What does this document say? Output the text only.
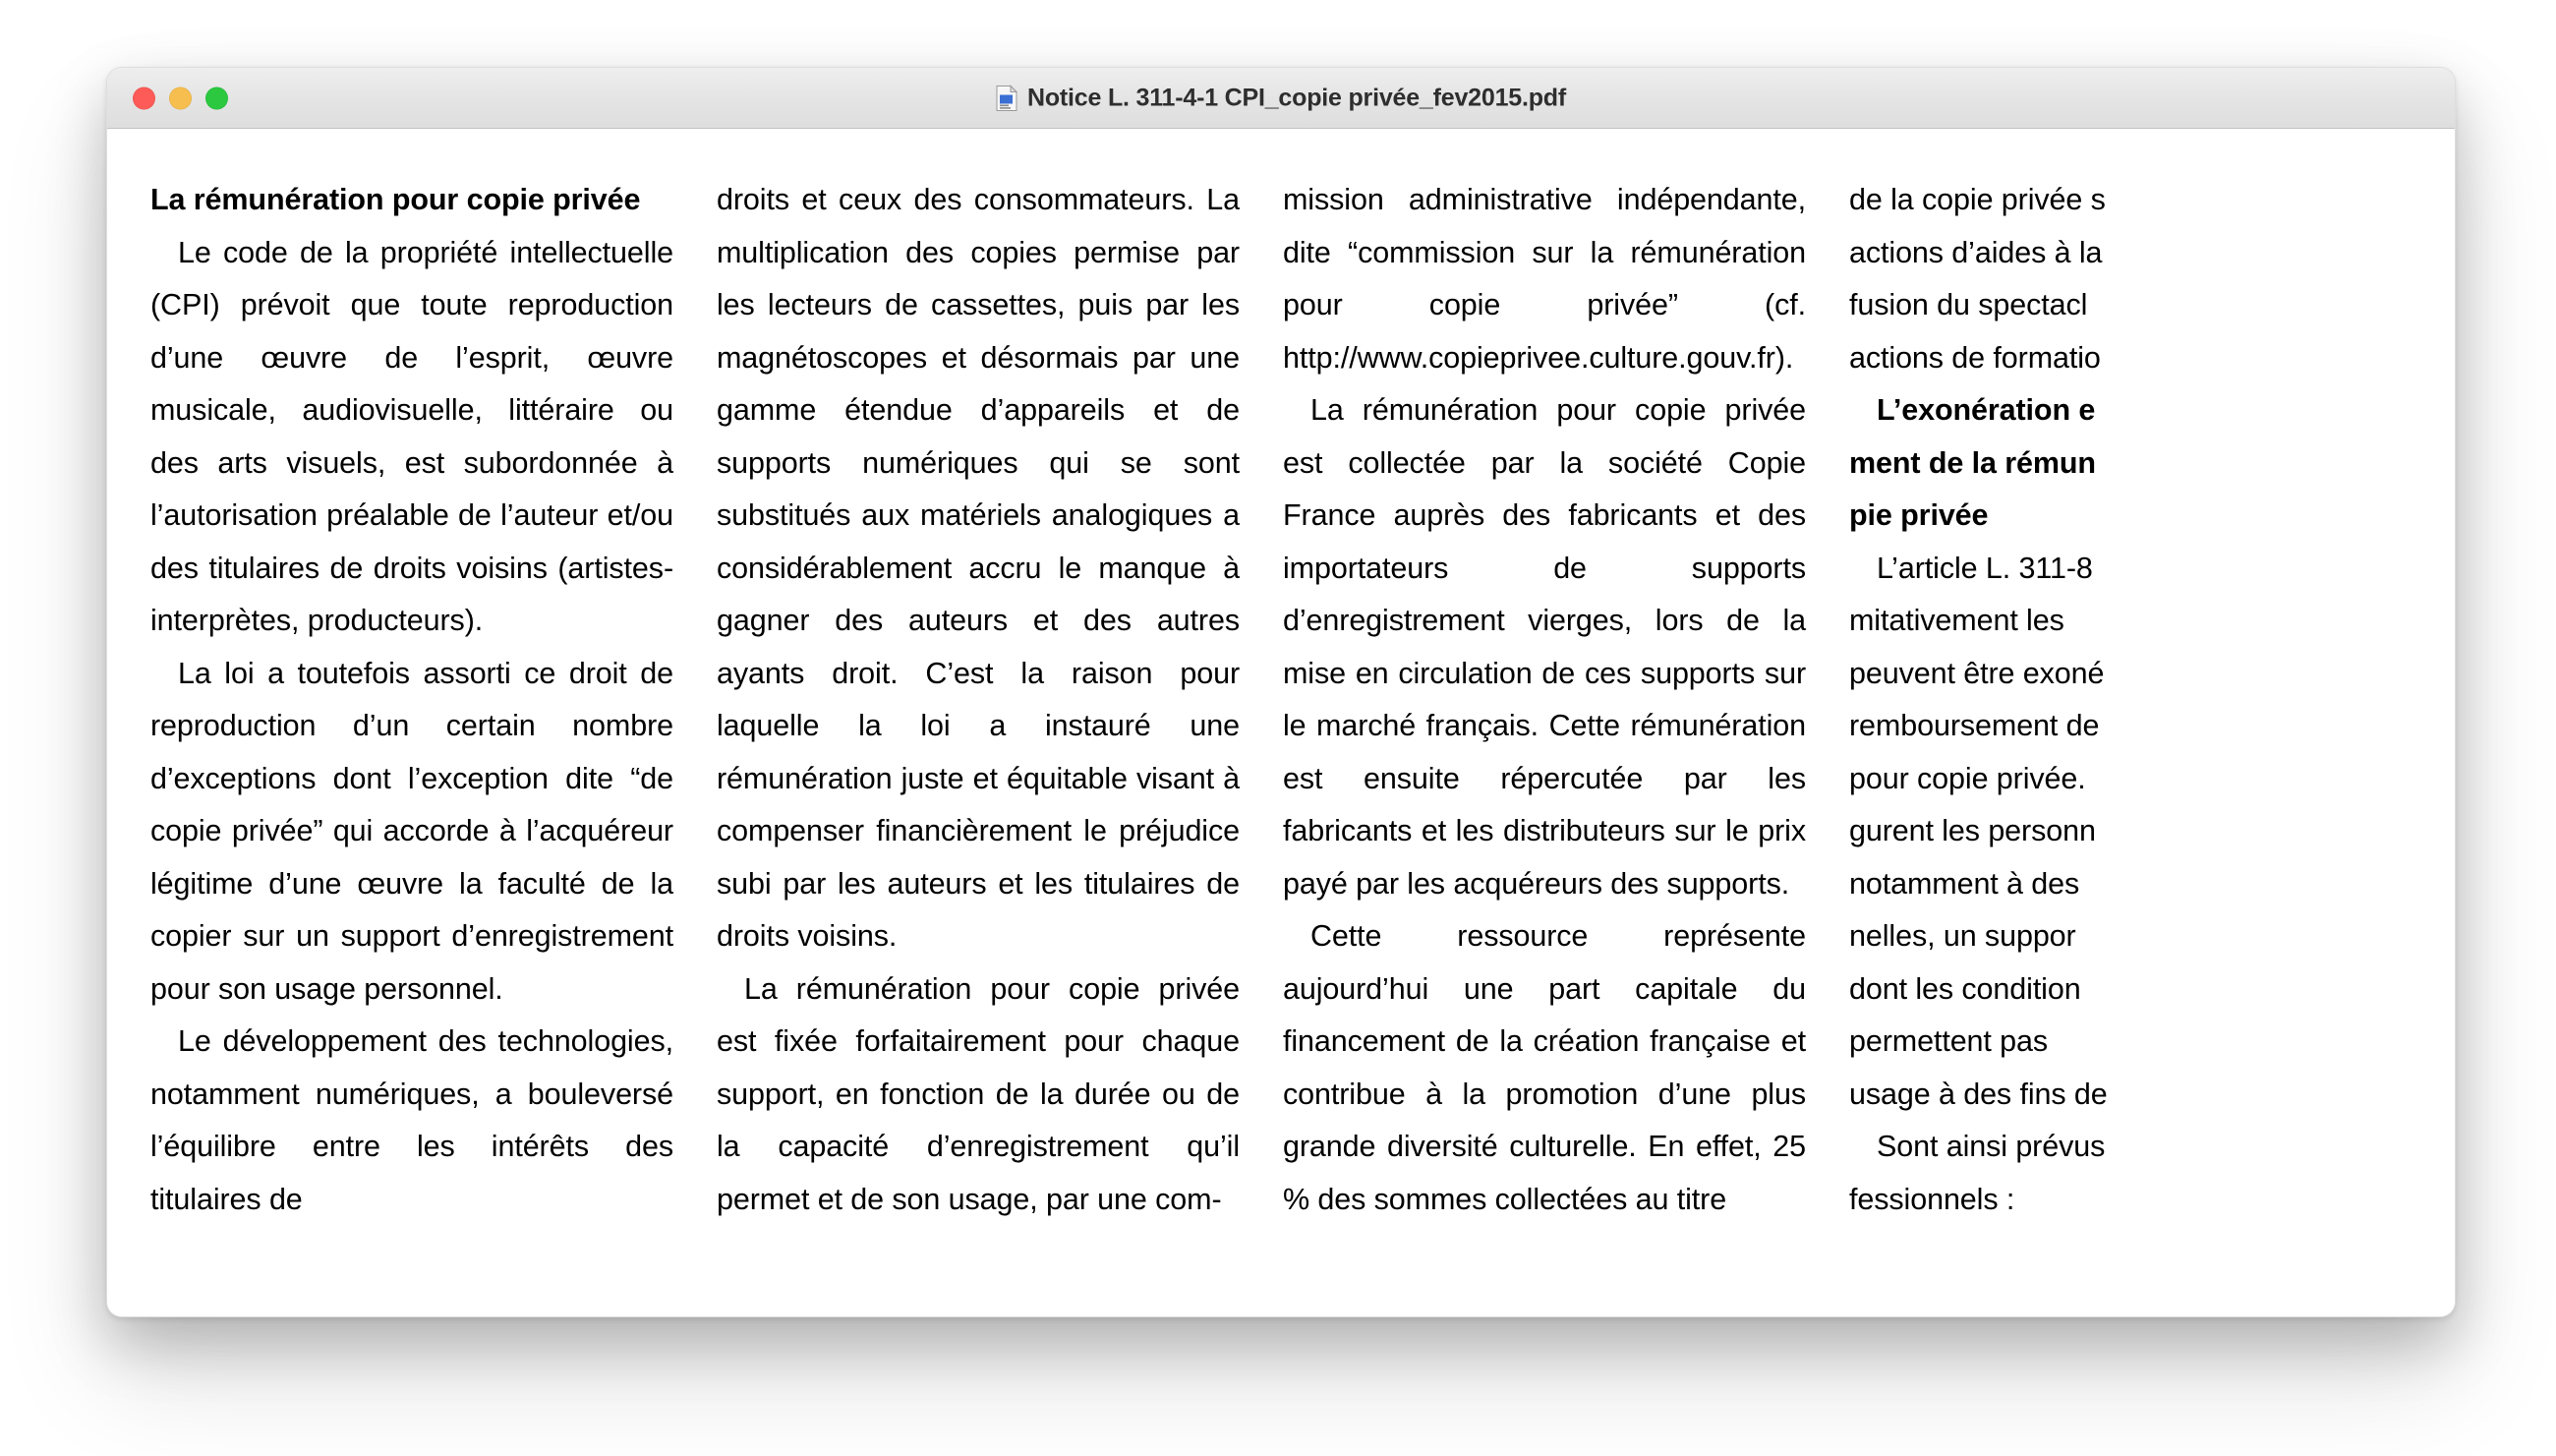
Notice L. 311-4-1 CPI_copie privée_fev2015.pdf

La rémunération pour copie privée

Le code de la propriété intellectuelle (CPI) prévoit que toute reproduction d’une œuvre de l’esprit, œuvre musicale, audiovisuelle, littéraire ou des arts visuels, est subordonnée à l’autorisation préalable de l’auteur et/ou des titulaires de droits voisins (artistes-interprètes, producteurs).

La loi a toutefois assorti ce droit de reproduction d’un certain nombre d’exceptions dont l’exception dite “de copie privée” qui accorde à l’acquéreur légitime d’une œuvre la faculté de la copier sur un support d’enregistrement pour son usage personnel.

Le développement des technologies, notamment numériques, a bouleversé l’équilibre entre les intérêts des titulaires de

droits et ceux des consommateurs. La multiplication des copies permise par les lecteurs de cassettes, puis par les magnétoscopes et désormais par une gamme étendue d’appareils et de supports numériques qui se sont substitués aux matériels analogiques a considérablement accru le manque à gagner des auteurs et des autres ayants droit. C’est la raison pour laquelle la loi a instauré une rémunération juste et équitable visant à compenser financièrement le préjudice subi par les auteurs et les titulaires de droits voisins.

La rémunération pour copie privée est fixée forfaitairement pour chaque support, en fonction de la durée ou de la capacité d’enregistrement qu’il permet et de son usage, par une com-

mission administrative indépendante, dite “commission sur la rémunération pour copie privée” (cf. http://www.copieprivee.culture.gouv.fr).

La rémunération pour copie privée est collectée par la société Copie France auprès des fabricants et des importateurs de supports d’enregistrement vierges, lors de la mise en circulation de ces supports sur le marché français. Cette rémunération est ensuite répercutée par les fabricants et les distributeurs sur le prix payé par les acquéreurs des supports.

Cette ressource représente aujourd’hui une part capitale du financement de la création française et contribue à la promotion d’une plus grande diversité culturelle. En effet, 25 % des sommes collectées au titre

de la copie privée s

actions d’aides à la

fusion du spectacl

actions de formatio

L’exonération e

ment de la rémun

pie privée

L’article L. 311-8

mitativement les

peuvent être exoné

remboursement de

pour copie privée.

gurent les personn

notamment à des

nelles, un suppor

dont les condition

permettent pas

usage à des fins de

Sont ainsi prévus

fessionnels :
